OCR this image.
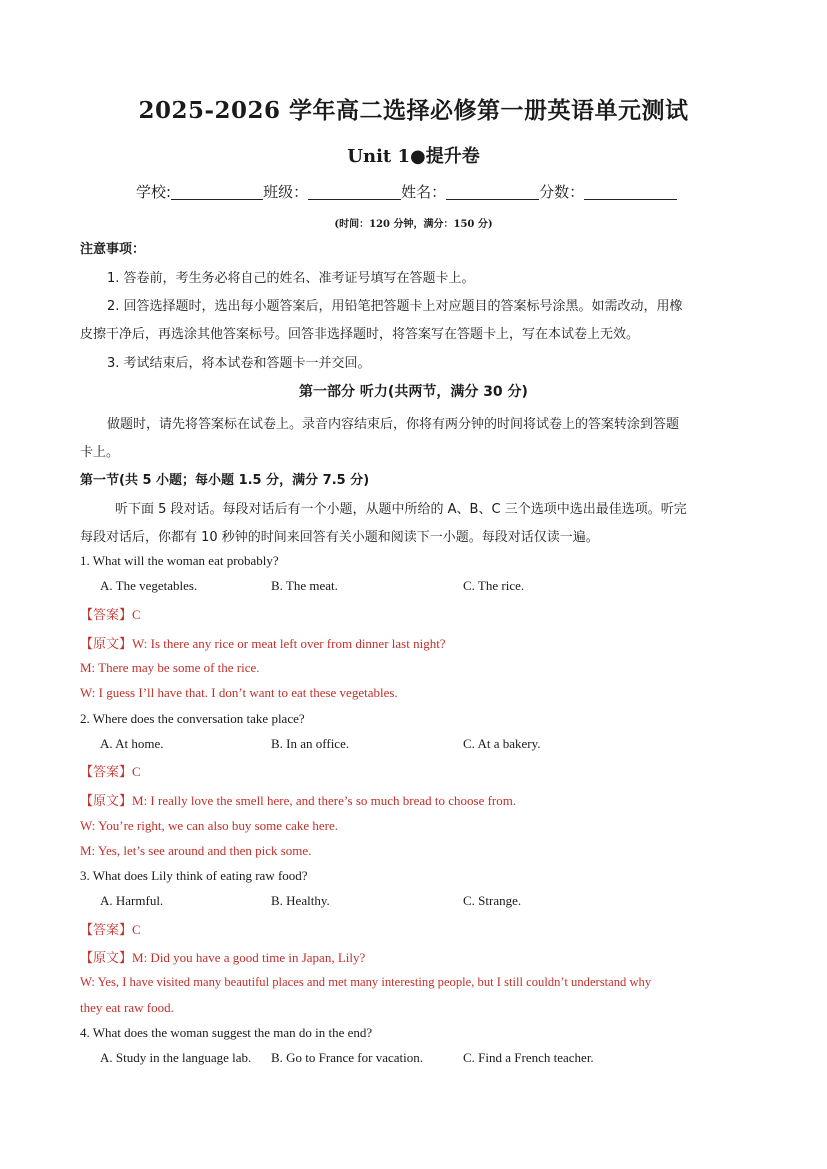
2025-2026 学年高二选择必修第一册英语单元测试
Unit 1●提升卷
学校:	班级：	姓名：	分数：
(时间：120 分钟，满分：150 分)
注意事项：
1. 答卷前，考生务必将自己的姓名、准考证号填写在答题卡上。
2. 回答选择题时，选出每小题答案后，用铅笔把答题卡上对应题目的答案标号涂黑。如需改动，用橡
皮擦干净后，再选涂其他答案标号。回答非选择题时，将答案写在答题卡上，写在本试卷上无效。
3. 考试结束后，将本试卷和答题卡一并交回。
第一部分 听力(共两节，满分 30 分)
做题时，请先将答案标在试卷上。录音内容结束后，你将有两分钟的时间将试卷上的答案转涂到答题
卡上。
第一节(共 5 小题；每小题 1.5 分，满分 7.5 分)
听下面 5 段对话。每段对话后有一个小题，从题中所给的 A、B、C 三个选项中选出最佳选项。听完
每段对话后，你都有 10 秒钟的时间来回答有关小题和阅读下一小题。每段对话仅读一遍。
1. What will the woman eat probably?
A. The vegetables.	B. The meat.	C. The rice.
【答案】C
【原文】W: Is there any rice or meat left over from dinner last night?
M: There may be some of the rice.
W: I guess I’ll have that. I don’t want to eat these vegetables.
2. Where does the conversation take place?
A. At home.	B. In an office.	C. At a bakery.
【答案】C
【原文】M: I really love the smell here, and there’s so much bread to choose from.
W: You’re right, we can also buy some cake here.
M: Yes, let’s see around and then pick some.
3. What does Lily think of eating raw food?
A. Harmful.	B. Healthy.	C. Strange.
【答案】C
【原文】M: Did you have a good time in Japan, Lily?
W: Yes, I have visited many beautiful places and met many interesting people, but I still couldn’t understand why
they eat raw food.
4. What does the woman suggest the man do in the end?
A. Study in the language lab. B. Go to France for vacation.	C. Find a French teacher.
